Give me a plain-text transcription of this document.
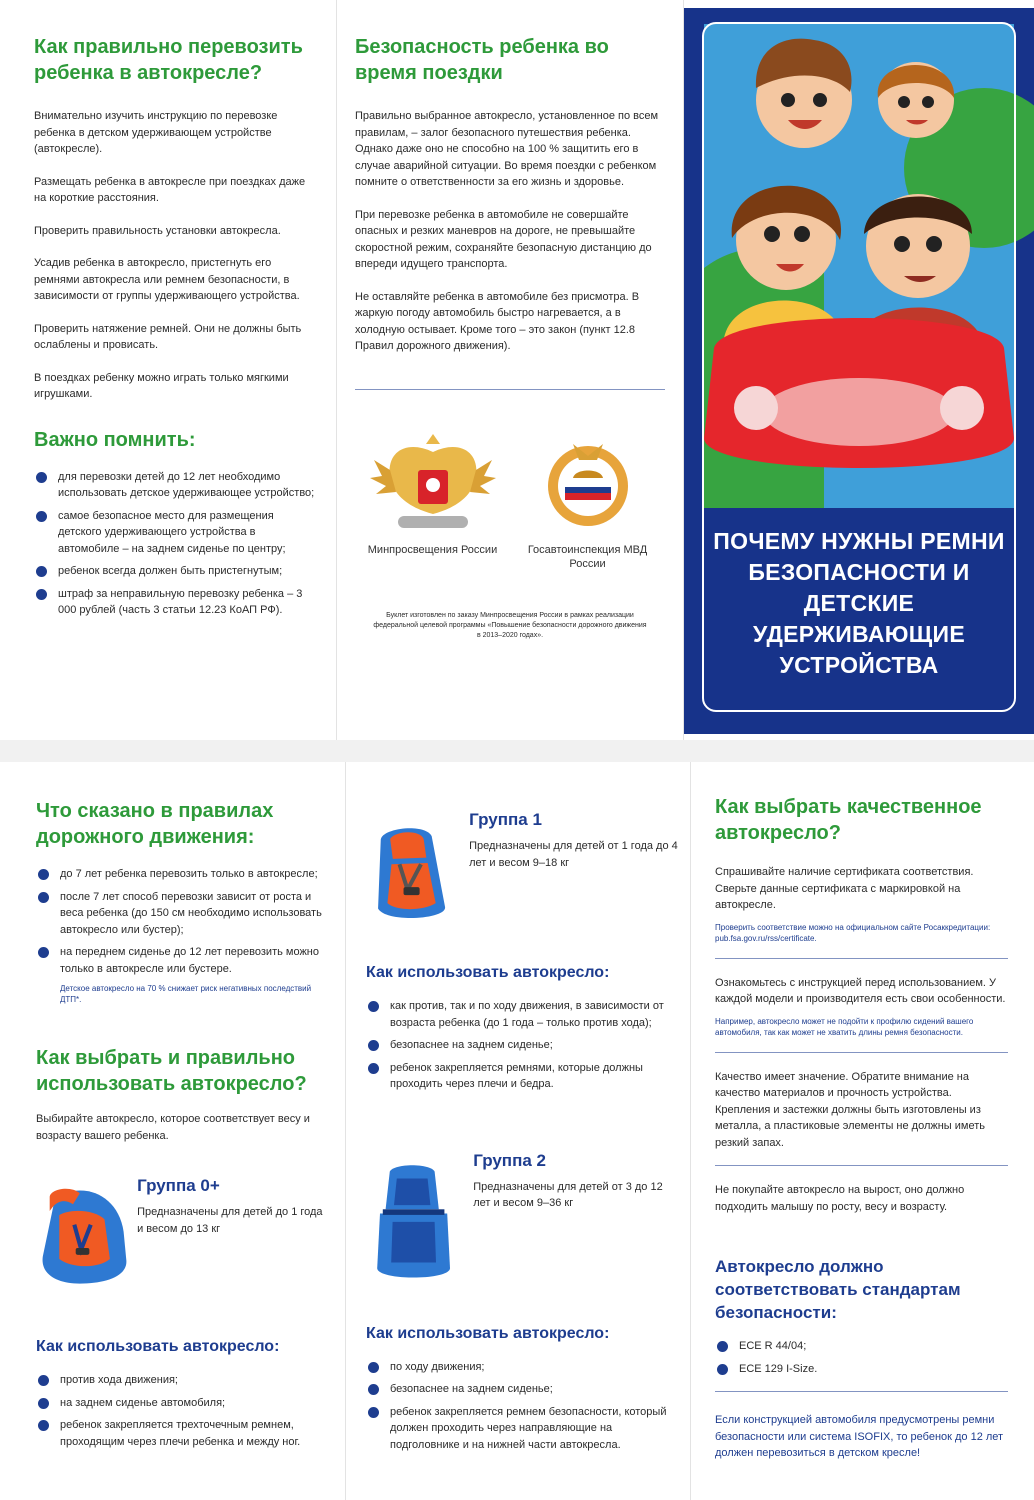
Как правильно перевозить ребенка в автокресле?

Внимательно изучить инструкцию по перевозке ребенка в детском удерживающем устройстве (автокресле).

Размещать ребенка в автокресле при поездках даже на короткие расстояния.

Проверить правильность установки автокресла.

Усадив ребенка в автокресло, пристегнуть его ремнями автокресла или ремнем безопасности, в зависимости от группы удерживающего устройства.

Проверить натяжение ремней. Они не должны быть ослаблены и провисать.

В поездках ребенку можно играть только мягкими игрушками.

Важно помнить:
для перевозки детей до 12 лет необходимо использовать детское удерживающее устройство;
самое безопасное место для размещения детского удерживающего устройства в автомобиле – на заднем сиденье по центру;
ребенок всегда должен быть пристегнутым;
штраф за неправильную перевозку ребенка – 3 000 рублей (часть 3 статьи 12.23 КоАП РФ).
Безопасность ребенка во время поездки

Правильно выбранное автокресло, установленное по всем правилам, – залог безопасного путешествия ребенка. Однако даже оно не способно на 100 % защитить его в случае аварийной ситуации. Во время поездки с ребенком помните о ответственности за его жизнь и здоровье.

При перевозке ребенка в автомобиле не совершайте опасных и резких маневров на дороге, не превышайте скоростной режим, сохраняйте безопасную дистанцию до впереди идущего транспорта.

Не оставляйте ребенка в автомобиле без присмотра. В жаркую погоду автомобиль быстро нагревается, а в холодную остывает. Кроме того – это закон (пункт 12.8 Правил дорожного движения).

Минпросвещения России	Госавтоинспекция МВД России

Буклет изготовлен по заказу Минпросвещения России в рамках реализации федеральной целевой программы «Повышение безопасности дорожного движения в 2013–2020 годах».

ПОЧЕМУ НУЖНЫ РЕМНИ БЕЗОПАСНОСТИ И ДЕТСКИЕ УДЕРЖИВАЮЩИЕ УСТРОЙСТВА
Что сказано в правилах дорожного движения:
до 7 лет ребенка перевозить только в автокресле;
после 7 лет способ перевозки зависит от роста и веса ребенка (до 150 см необходимо использовать автокресло или бустер);
на переднем сиденье до 12 лет перевозить можно только в автокресле или бустере.

Детское автокресло на 70 % снижает риск негативных последствий ДТП*.

Как выбрать и правильно использовать автокресло?

Выбирайте автокресло, которое соответствует весу и возрасту вашего ребенка.

Группа 0+
Предназначены для детей до 1 года и весом до 13 кг
Как использовать автокресло:
против хода движения;
на заднем сиденье автомобиля;
ребенок закрепляется трехточечным ремнем, проходящим через плечи ребенка и между ног.
Группа 1
Предназначены для детей от 1 года до 4 лет и весом 9–18 кг
Как использовать автокресло:
как против, так и по ходу движения, в зависимости от возраста ребенка (до 1 года – только против хода);
безопаснее на заднем сиденье;
ребенок закрепляется ремнями, которые должны проходить через плечи и бедра.
Группа 2
Предназначены для детей от 3 до 12 лет и весом 9–36 кг
Как использовать автокресло:
по ходу движения;
безопаснее на заднем сиденье;
ребенок закрепляется ремнем безопасности, который должен проходить через направляющие на подголовнике и на нижней части автокресла.
Как выбрать качественное автокресло?

Спрашивайте наличие сертификата соответствия. Сверьте данные сертификата с маркировкой на автокресле.

Проверить соответствие можно на официальном сайте Росаккредитации: pub.fsa.gov.ru/rss/certificate.

Ознакомьтесь с инструкцией перед использованием. У каждой модели и производителя есть свои особенности.

Например, автокресло может не подойти к профилю сидений вашего автомобиля, так как может не хватить длины ремня безопасности.

Качество имеет значение. Обратите внимание на качество материалов и прочность устройства. Крепления и застежки должны быть изготовлены из металла, а пластиковые элементы не должны иметь резкий запах.

Не покупайте автокресло на вырост, оно должно подходить малышу по росту, весу и возрасту.

Автокресло должно соответствовать стандартам безопасности:
ECE R 44/04;
ECE 129 I-Size.

Если конструкцией автомобиля предусмотрены ремни безопасности или система ISOFIX, то ребенок до 12 лет должен перевозиться в детском кресле!
